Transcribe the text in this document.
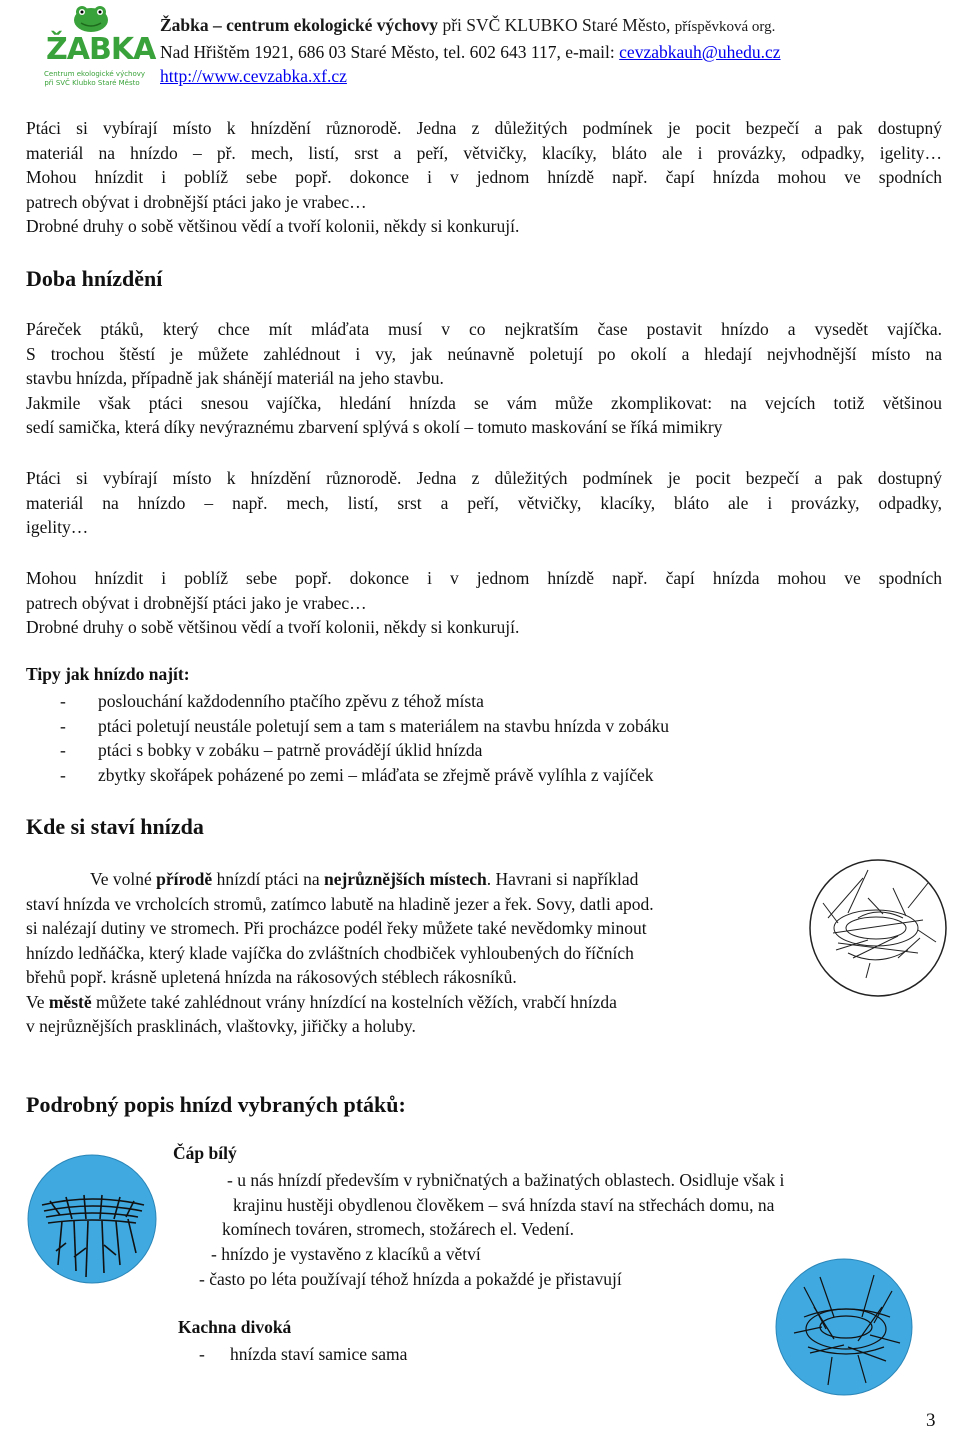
ŽABKA
Centrum ekologické výchovy
při SVČ Klubko Staré Město
Žabka – centrum ekologické výchovy při SVČ KLUBKO Staré Město, příspěvková org.
Nad Hřištěm 1921, 686 03 Staré Město, tel. 602 643 117, e-mail: cevzabkauh@uhedu.cz
http://www.cevzabka.xf.cz
Ptáci si vybírají místo k hnízdění různorodě. Jedna z důležitých podmínek je pocit bezpečí a pak dostupný
materiál na hnízdo – př. mech, listí, srst a peří, větvičky, klacíky, bláto ale i provázky, odpadky, igelity…
Mohou hnízdit i poblíž sebe popř. dokonce i v jednom hnízdě např. čapí hnízda mohou ve spodních
patrech obývat i drobnější ptáci jako je vrabec…
Drobné druhy o sobě většinou vědí a tvoří kolonii, někdy si konkurují.
Doba hnízdění
Páreček ptáků, který chce mít mláďata musí v co nejkratším čase postavit hnízdo a vysedět vajíčka.
S trochou štěstí je můžete zahlédnout i vy, jak neúnavně poletují po okolí a hledají nejvhodnější místo na
stavbu hnízda, případně jak shánějí materiál na jeho stavbu.
Jakmile však ptáci snesou vajíčka, hledání hnízda se vám může zkomplikovat: na vejcích totiž většinou
sedí samička, která díky nevýraznému zbarvení splývá s okolí – tomuto maskování se říká mimikry
Ptáci si vybírají místo k hnízdění různorodě. Jedna z důležitých podmínek je pocit bezpečí a pak dostupný
materiál na hnízdo – např. mech, listí, srst a peří, větvičky, klacíky, bláto ale i provázky, odpadky,
igelity…
Mohou hnízdit i poblíž sebe popř. dokonce i v jednom hnízdě např. čapí hnízda mohou ve spodních
patrech obývat i drobnější ptáci jako je vrabec…
Drobné druhy o sobě většinou vědí a tvoří kolonii, někdy si konkurují.
Tipy jak hnízdo najít:
- poslouchání každodenního ptačího zpěvu z téhož místa
- ptáci poletují neustále poletují sem a tam s materiálem na stavbu hnízda v zobáku
- ptáci s bobky v zobáku – patrně provádějí úklid hnízda
- zbytky skořápek poházené po zemi – mláďata se zřejmě právě vylíhla z vajíček
Kde si staví hnízda
Ve volné přírodě hnízdí ptáci na nejrůznějších místech. Havrani si například
staví hnízda ve vrcholcích stromů, zatímco labutě na hladině jezer a řek. Sovy, datli apod.
si nalézají dutiny ve stromech. Při procházce podél řeky můžete také nevědomky minout
hnízdo ledňáčka, který klade vajíčka do zvláštních chodbiček vyhloubených do říčních
břehů popř. krásně upletená hnízda na rákosových stéblech rákosníků.
Ve městě můžete také zahlédnout vrány hnízdící na kostelních věžích, vrabčí hnízda
v nejrůznějších prasklinách, vlaštovky, jiřičky a holuby.
Podrobný popis hnízd vybraných ptáků:
Čáp bílý
- u nás hnízdí především v rybničnatých a bažinatých oblastech. Osidluje však i
krajinu hustěji obydlenou člověkem – svá hnízda staví na střechách domu, na
komínech továren, stromech, stožárech el. Vedení.
- hnízdo je vystavěno z klacíků a větví
- často po léta používají téhož hnízda a pokaždé je přistavují
Kachna divoká
- hnízda staví samice sama
3
